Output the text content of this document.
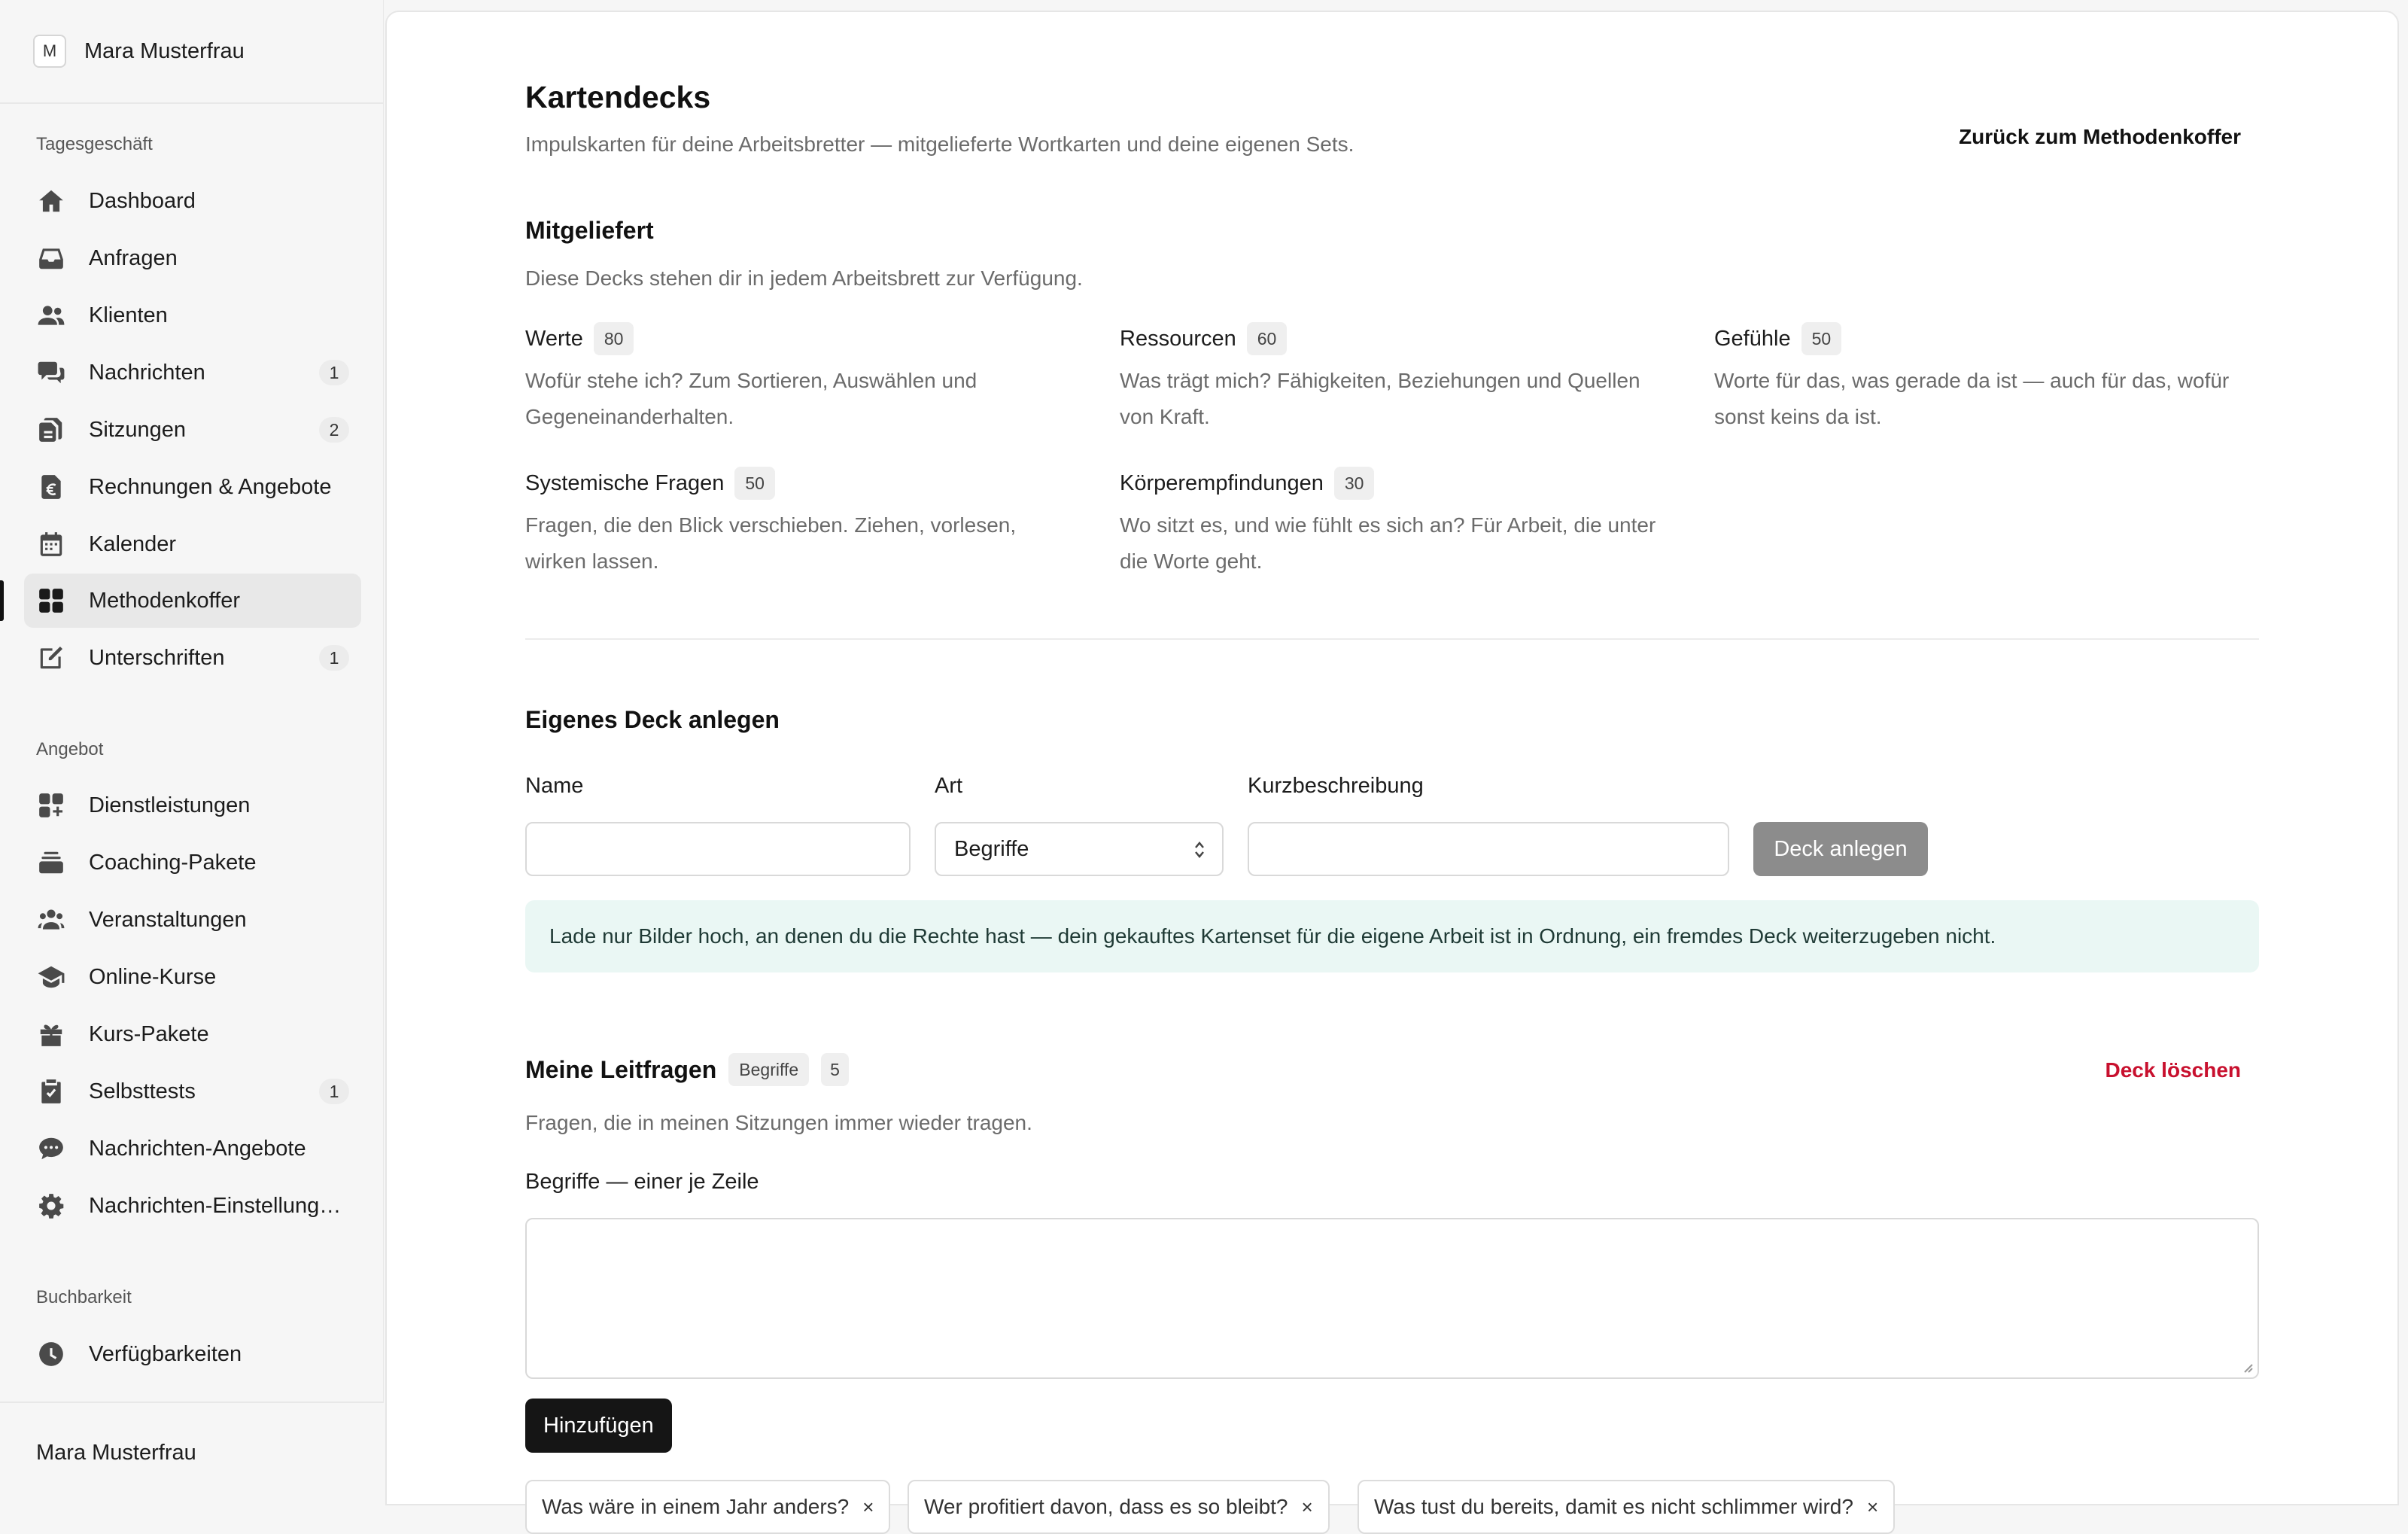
M	Mara Musterfrau
Tagesgeschäft
Dashboard
Anfragen
Klienten
Nachrichten	1
Sitzungen	2
Rechnungen & Angebote
Kalender
Methodenkoffer
Unterschriften	1
Angebot
Dienstleistungen
Coaching-Pakete
Veranstaltungen
Online-Kurse
Kurs-Pakete
Selbsttests	1
Nachrichten-Angebote
Nachrichten-Einstellung…
Buchbarkeit
Verfügbarkeiten
Mara Musterfrau
Kartendecks

Impulskarten für deine Arbeitsbretter — mitgelieferte Wortkarten und deine eigenen Sets.	Zurück zum Methodenkoffer
Mitgeliefert

Diese Decks stehen dir in jedem Arbeitsbrett zur Verfügung.

Werte	80

Wofür stehe ich? Zum Sortieren, Auswählen und Gegeneinanderhalten.

Ressourcen	60

Was trägt mich? Fähigkeiten, Beziehungen und Quellen von Kraft.

Gefühle	50

Worte für das, was gerade da ist — auch für das, wofür sonst keins da ist.

Systemische Fragen	50

Fragen, die den Blick verschieben. Ziehen, vorlesen, wirken lassen.

Körperempfindungen	30

Wo sitzt es, und wie fühlt es sich an? Für Arbeit, die unter die Worte geht.

Eigenes Deck anlegen
Name	Art
Begriffe
Kurzbeschreibung
Deck anlegen
Lade nur Bilder hoch, an denen du die Rechte hast — dein gekauftes Kartenset für die eigene Arbeit ist in Ordnung, ein fremdes Deck weiterzugeben nicht.
Meine Leitfragen	Begriffe	5	Deck löschen

Fragen, die in meinen Sitzungen immer wieder tragen.

Begriffe — einer je Zeile
Hinzufügen
Was wäre in einem Jahr anders? × Wer profitiert davon, dass es so bleibt? ×	Was tust du bereits, damit es nicht schlimmer wird? ×
